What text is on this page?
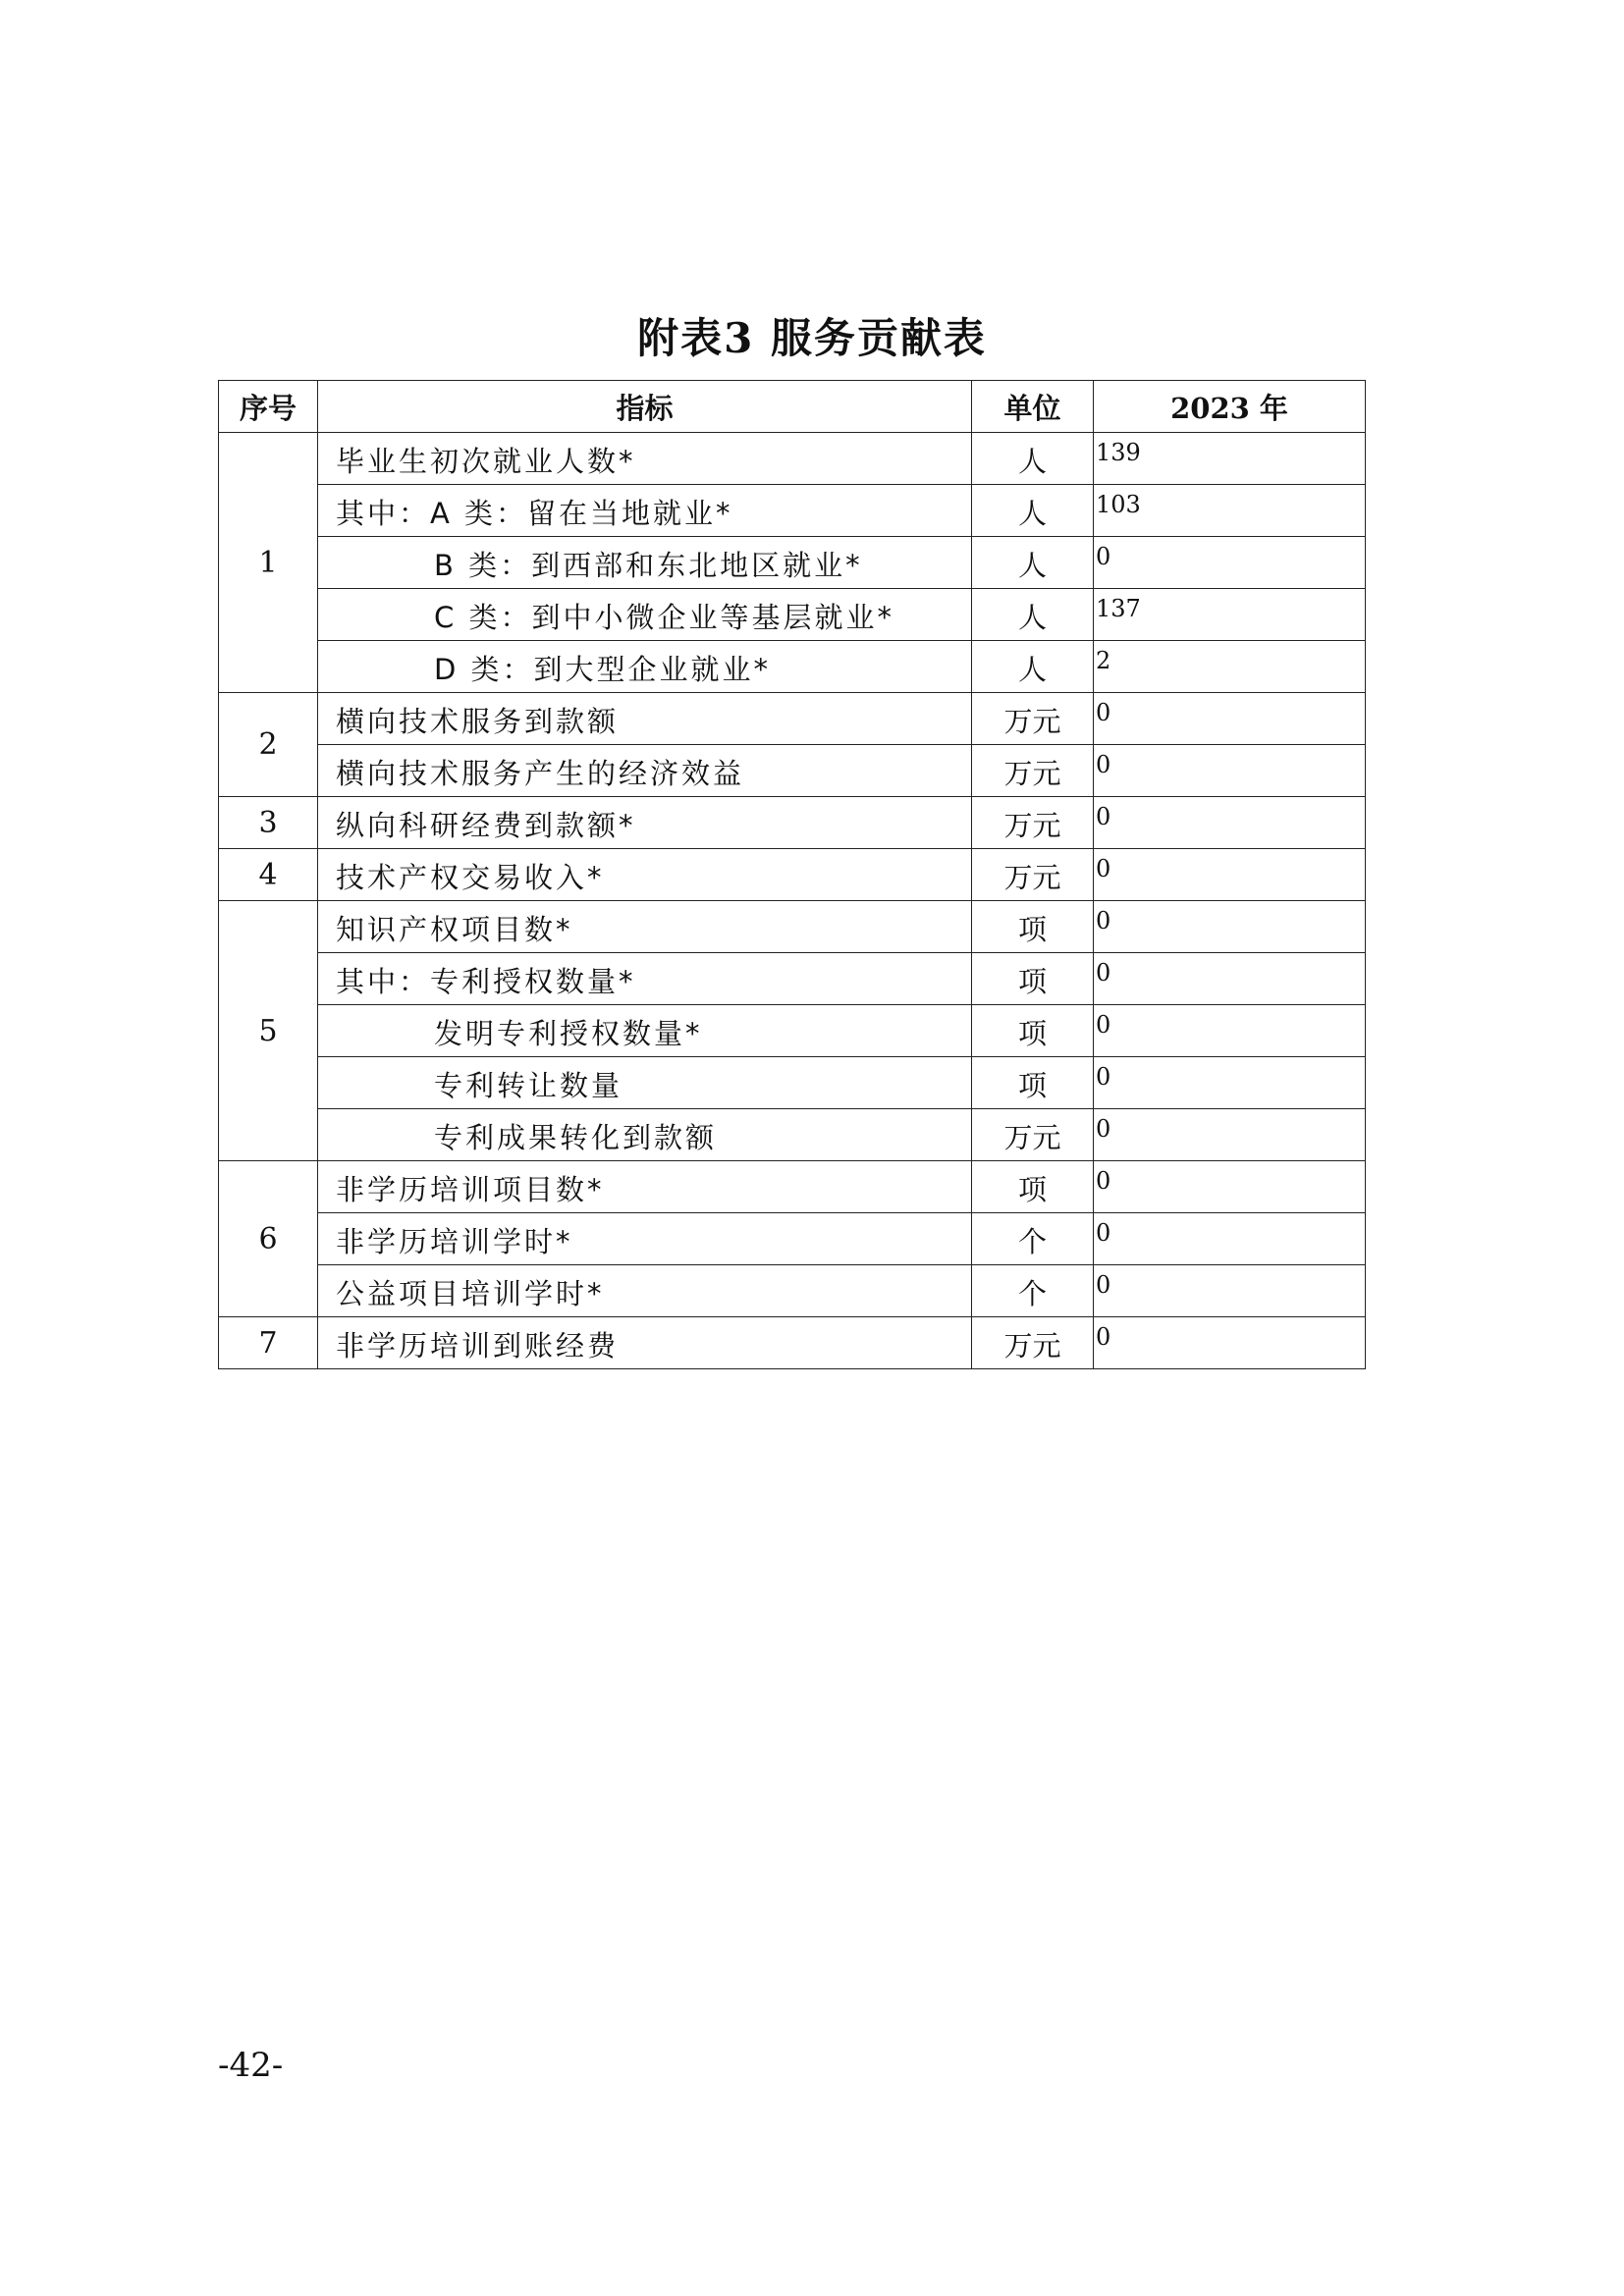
附表3 服务贡献表
序号	指标	单位	2023 年
1	毕业生初次就业人数*	人	139
	其中：A 类：留在当地就业*	人	103
	B 类：到西部和东北地区就业*	人	0
	C 类：到中小微企业等基层就业*	人	137
	D 类：到大型企业就业*	人	2
2	横向技术服务到款额	万元	0
	横向技术服务产生的经济效益	万元	0
3	纵向科研经费到款额*	万元	0
4	技术产权交易收入*	万元	0
5	知识产权项目数*	项	0
	其中：专利授权数量*	项	0
	发明专利授权数量*	项	0
	专利转让数量	项	0
	专利成果转化到款额	万元	0
6	非学历培训项目数*	项	0
	非学历培训学时*	个	0
	公益项目培训学时*	个	0
7	非学历培训到账经费	万元	0
-42-
